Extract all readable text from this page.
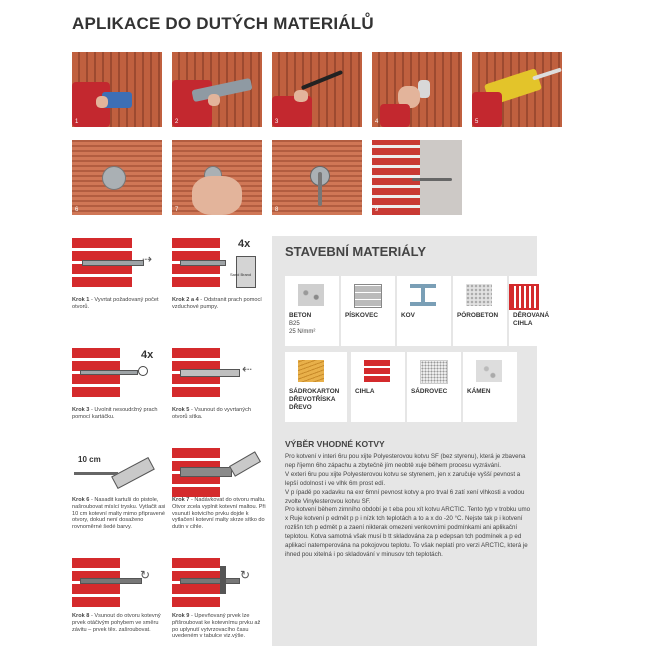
APLIKACE DO DUTÝCH MATERIÁLŮ
1	2	3	4	5
6	7	8	9
⇢
Krok 1 - Vyvrtat požadovaný počet otvorů.
Sand Brand
4x
Krok 2 a 4 - Odstranit prach pomocí vzduchové pumpy.
4x
Krok 3 - Uvolnit nesoudržný prach pomocí kartáčku.
⇠
Krok 5 - Vsunout do vyvrtaných otvorů sítka.
10 cm
Krok 6 - Nasadit kartuši do pistole, našroubovat mísící trysku. Vytlačit asi 10 cm kotevní malty mimo připravené otvory, dokud není dosaženo rovnoměrné šedé barvy.
Krok 7 - Nadávkovat do otvoru maltu. Otvor zcela vyplnit kotevní maltou. Při vsunutí kotvicího prvku dojde k vytlačení kotevní malty skrze sítko do dutin v cihle.
↻
Krok 8 - Vsunout do otvoru kotevný prvek otáčivým pohybem ve směru závitu – prvek těx. zašroubovat.
↻
Krok 9 - Upevňovaný prvek lze přišroubovat ke kotevnímu prvku až po uplynutí vytvrzovacího času uvedeném v tabulce viz.výše.
STAVEBNÍ MATERIÁLY
BETON
B25
25 N/mm²
PÍSKOVEC	KOV	PÓROBETON DĚROVANÁ CIHLA
SÁDROKARTON DŘEVOTŘÍSKA DŘEVO
CIHLA	SÁDROVEC	KÁMEN
VÝBĚR VHODNÉ KOTVY

Pro kotvení v interi 6ru pou xijte Polyesterovou kotvu SF (bez styrenu), která je zbavena nep říjemn 6ho zápachu a zbytečně jím neobtě xuje během procesu vyzrávání.

V exteri 6ru pou xijte Polyesterovou kotvu se styrenem, jen x zaručuje vyšší pevnost a lepší odolnost i ve vlhk 6m prost edí.

V p ípadě po xadavku na exr 6mní pevnost kotvy a pro trval 6 zatí xení vlhkosti a vodou zvolte Vinylesterovou kotvu SF.

Pro kotvení během zimního období je t eba pou xít kotvu ARCTIC. Tento typ v trobku umo x Ruje kotvení p edmět p p i nízk tch teplotách a to a x do -20 °C. Nejste tak p i kotvení rozlišn tch p edmět p a zaení nikterak omezeni venkovními podmínkami ani aplikační teplotou. Kotva samotná však musí b tt skladována za p edepsan tch podmínek a p ed aplikací natemperována na pokojovou teplotu. To však neplatí pro verzi ARCTIC, která je ihned pou xitelná i po skladování v minusov tch teplotách.
